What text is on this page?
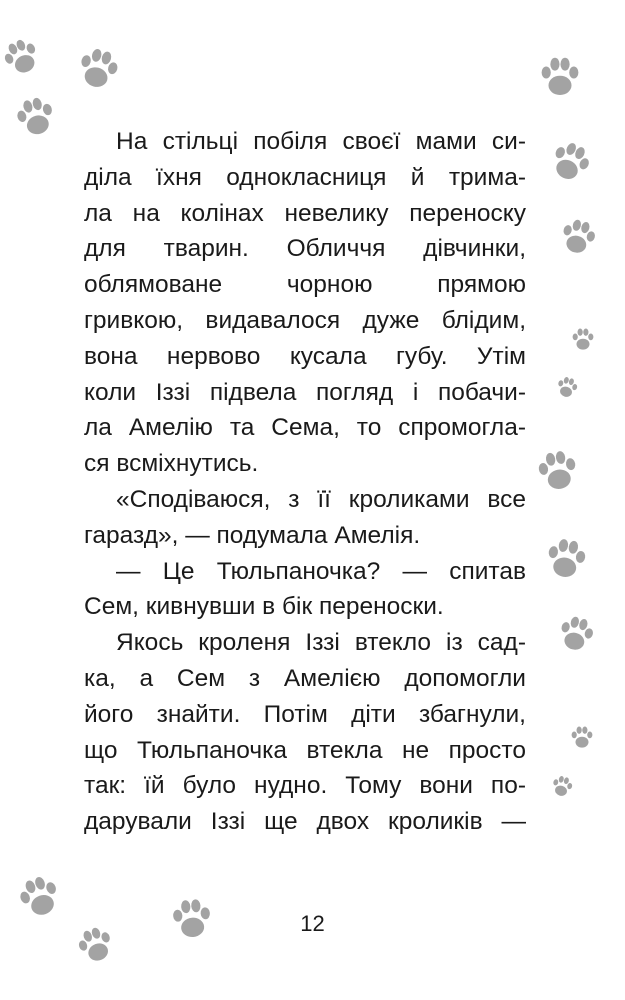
На стільці побіля своєї мами си-
діла їхня однокласниця й трима-
ла на колінах невелику переноску
для тварин. Обличчя дівчинки,
облямоване чорною прямою
гривкою, видавалося дуже блідим,
вона нервово кусала губу. Утім
коли Іззі підвела погляд і побачи-
ла Амелію та Сема, то спромогла-
ся всміхнутись.
«Сподіваюся, з її кроликами все
гаразд», — подумала Амелія.
— Це Тюльпаночка? — спитав
Сем, кивнувши в бік переноски.
Якось кроленя Іззі втекло із сад-
ка, а Сем з Амелією допомогли
його знайти. Потім діти збагнули,
що Тюльпаночка втекла не просто
так: їй було нудно. Тому вони по-
дарували Іззі ще двох кроликів —
12
